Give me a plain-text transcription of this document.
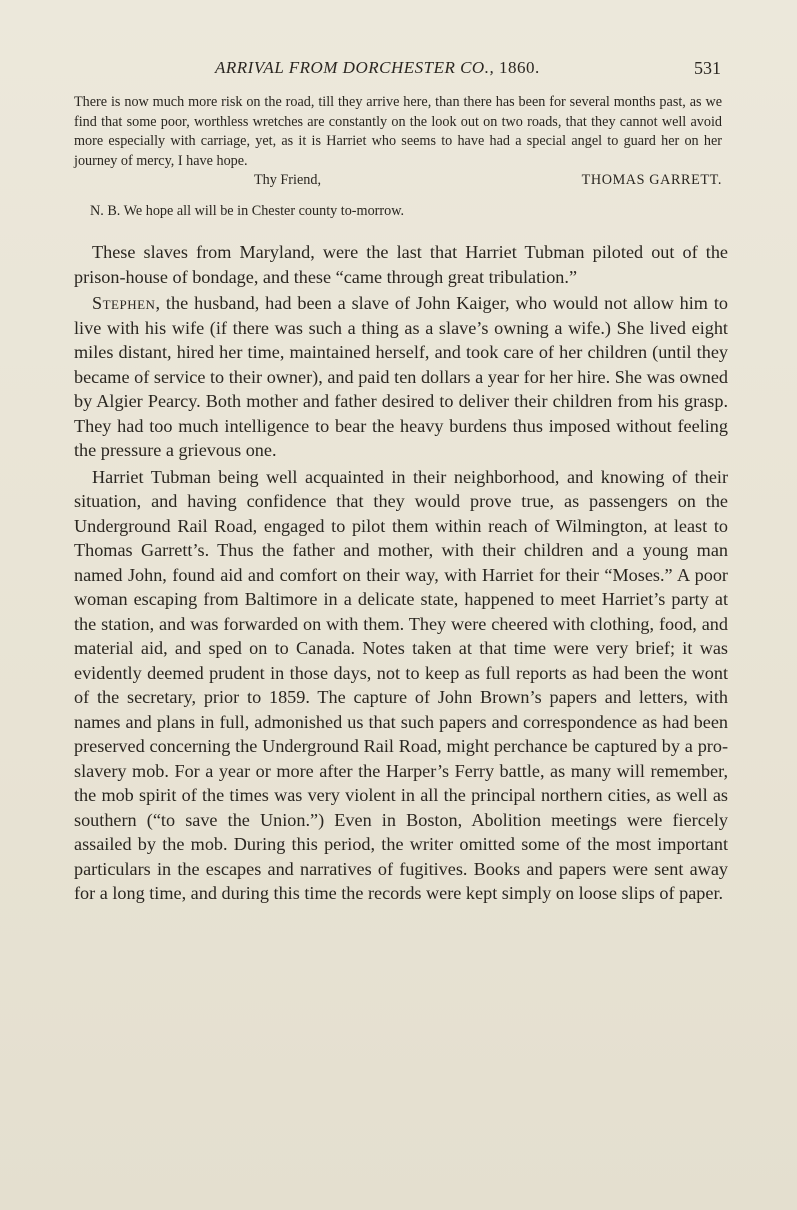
ARRIVAL FROM DORCHESTER CO., 1860.	531

There is now much more risk on the road, till they arrive here, than there has been for several months past, as we find that some poor, worthless wretches are constantly on the look out on two roads, that they cannot well avoid more especially with carriage, yet, as it is Harriet who seems to have had a special angel to guard her on her journey of mercy, I have hope.

Thy Friend,	THOMAS GARRETT.
N. B. We hope all will be in Chester county to-morrow.

These slaves from Maryland, were the last that Harriet Tubman piloted out of the prison-house of bondage, and these “came through great tribulation.”

Stephen, the husband, had been a slave of John Kaiger, who would not allow him to live with his wife (if there was such a thing as a slave’s owning a wife.) She lived eight miles distant, hired her time, maintained herself, and took care of her children (until they became of service to their owner), and paid ten dollars a year for her hire. She was owned by Algier Pearcy. Both mother and father desired to deliver their children from his grasp. They had too much intelligence to bear the heavy burdens thus imposed without feeling the pressure a grievous one.

Harriet Tubman being well acquainted in their neighborhood, and knowing of their situation, and having confidence that they would prove true, as passengers on the Underground Rail Road, engaged to pilot them within reach of Wilmington, at least to Thomas Garrett’s. Thus the father and mother, with their children and a young man named John, found aid and comfort on their way, with Harriet for their “Moses.” A poor woman escaping from Baltimore in a delicate state, happened to meet Harriet’s party at the station, and was forwarded on with them. They were cheered with clothing, food, and material aid, and sped on to Canada. Notes taken at that time were very brief; it was evidently deemed prudent in those days, not to keep as full reports as had been the wont of the secretary, prior to 1859. The capture of John Brown’s papers and letters, with names and plans in full, admonished us that such papers and correspondence as had been preserved concerning the Underground Rail Road, might perchance be captured by a pro-slavery mob. For a year or more after the Harper’s Ferry battle, as many will remember, the mob spirit of the times was very violent in all the principal northern cities, as well as southern (“to save the Union.”) Even in Boston, Abolition meetings were fiercely assailed by the mob. During this period, the writer omitted some of the most important particulars in the escapes and narratives of fugitives. Books and papers were sent away for a long time, and during this time the records were kept simply on loose slips of paper.
